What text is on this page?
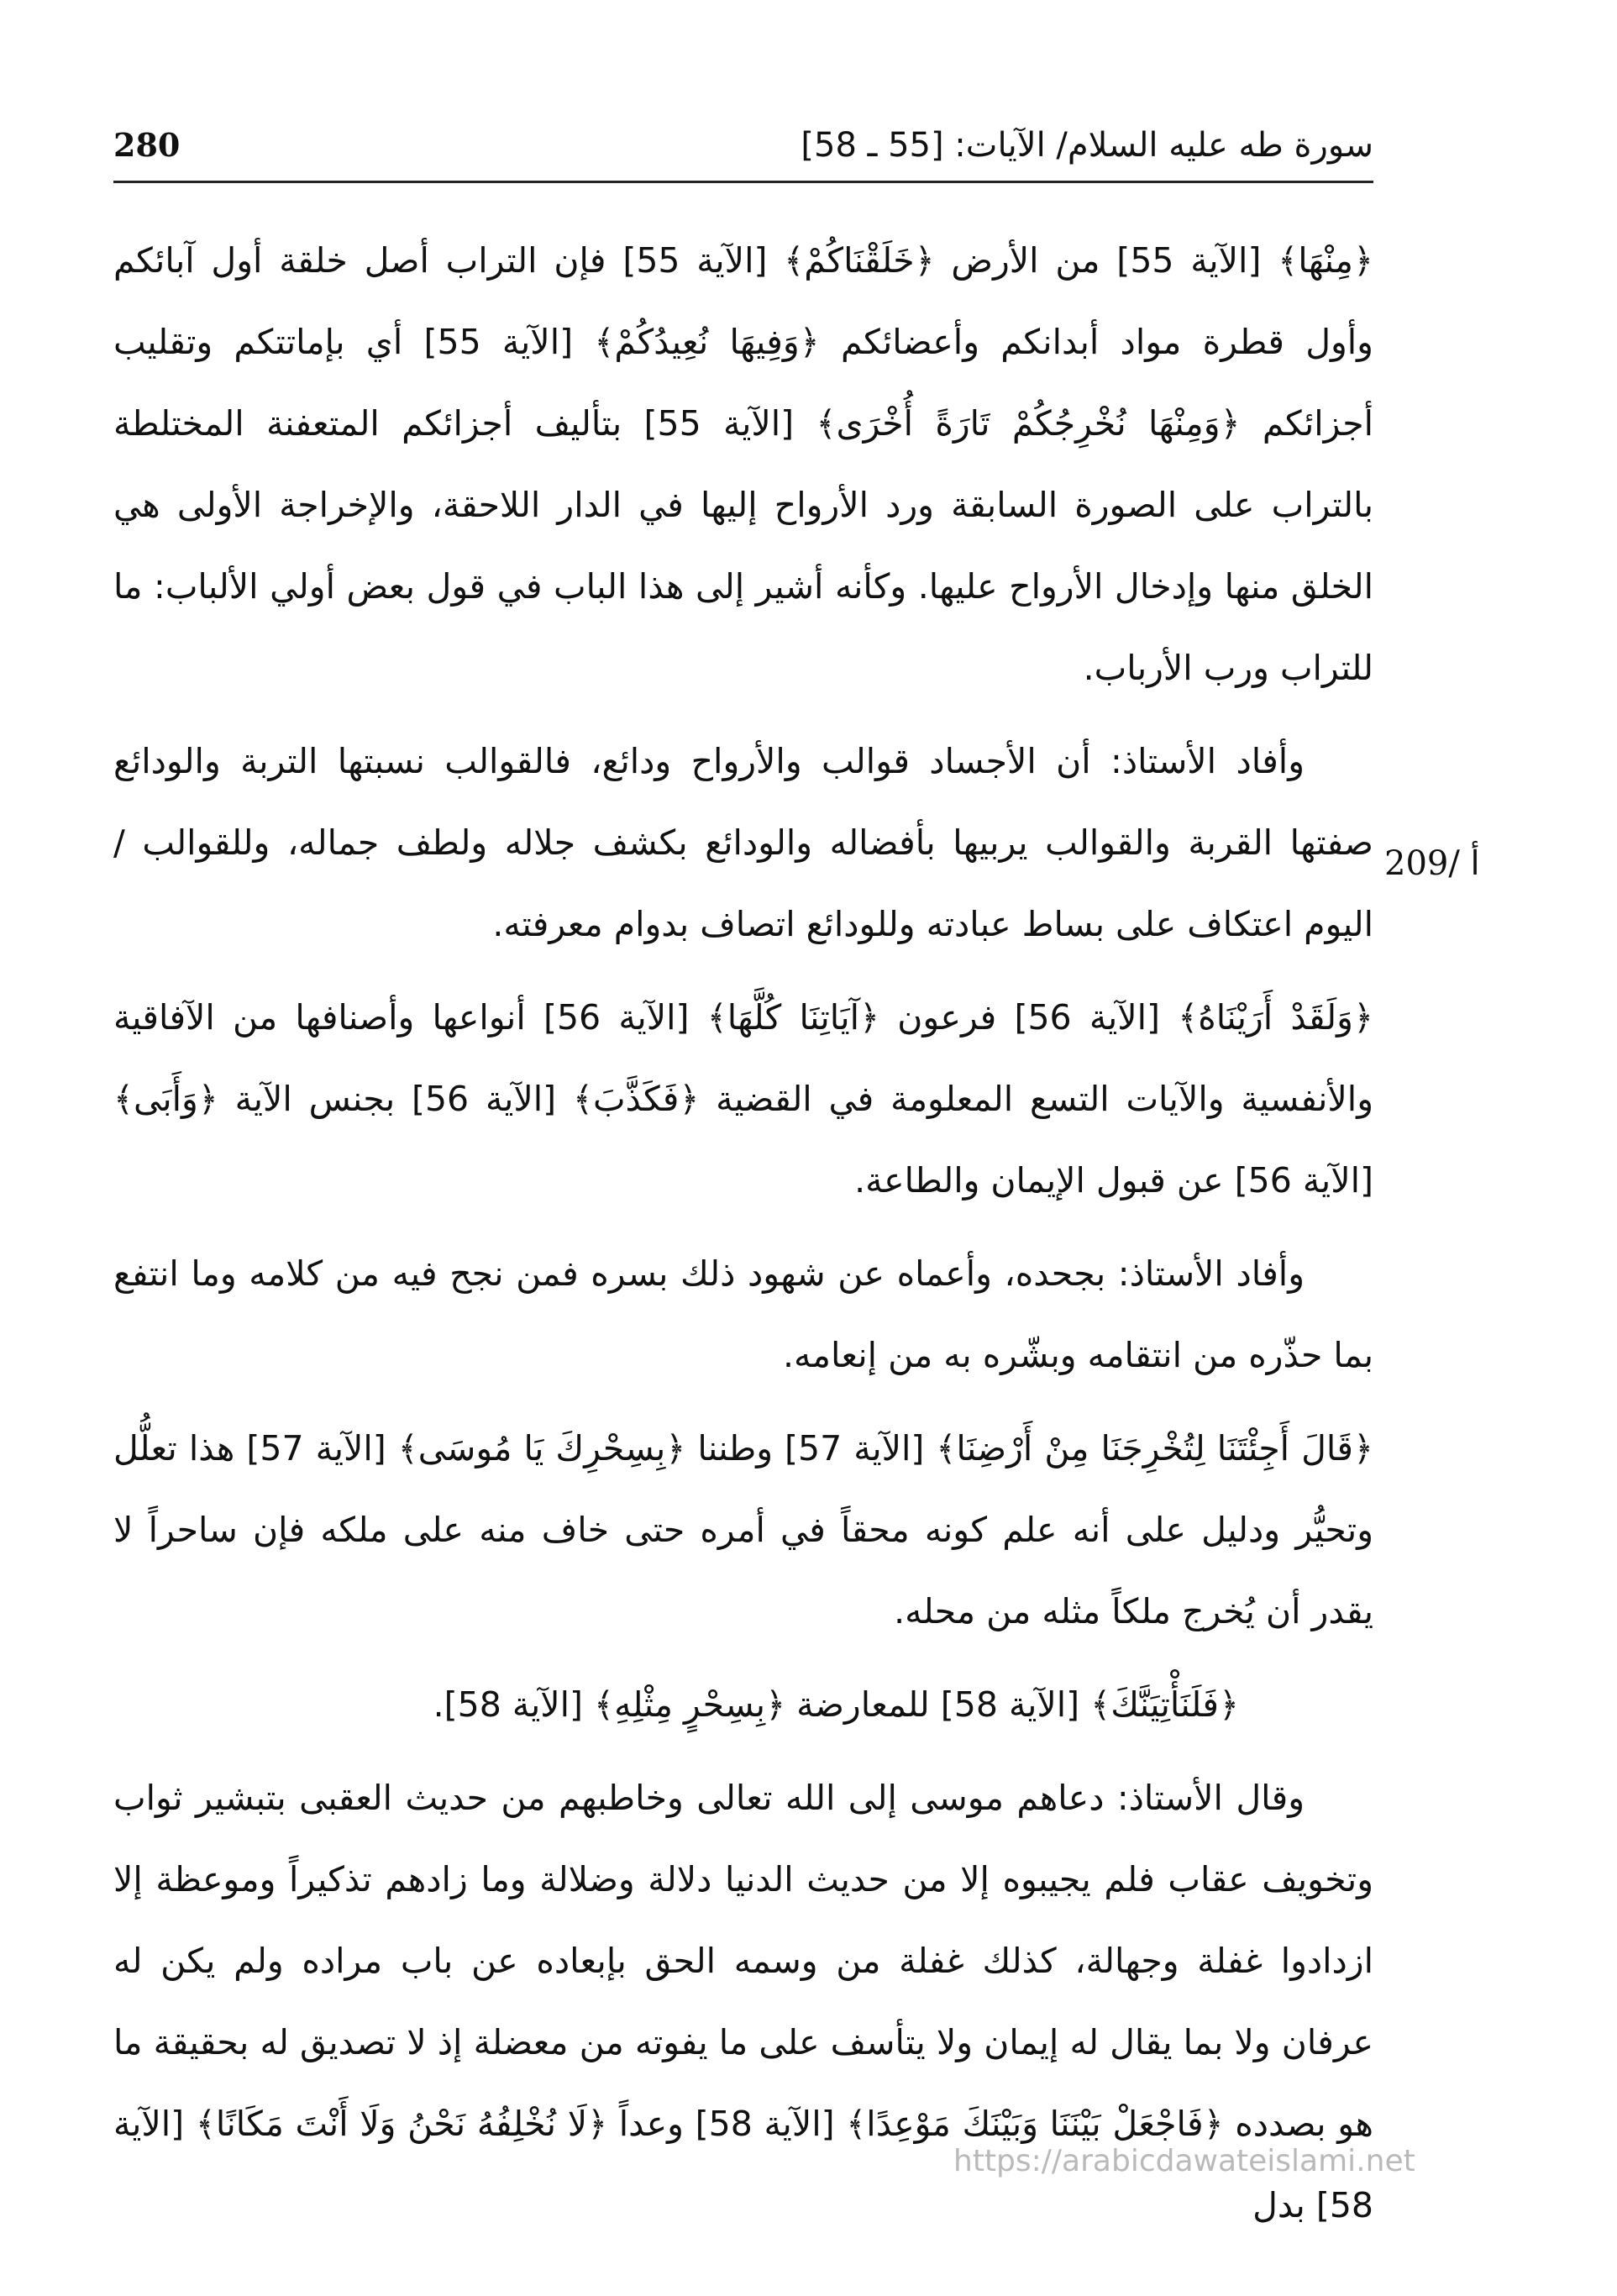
280	سورة طه عليه السلام/ الآيات: [55 ـ 58]

﴿مِنْهَا﴾ [الآية 55] من الأرض ﴿خَلَقْنَاكُمْ﴾ [الآية 55] فإن التراب أصل خلقة أول آبائكم وأول قطرة مواد أبدانكم وأعضائكم ﴿وَفِيهَا نُعِيدُكُمْ﴾ [الآية 55] أي بإماتتكم وتقليب أجزائكم ﴿وَمِنْهَا نُخْرِجُكُمْ تَارَةً أُخْرَى﴾ [الآية 55] بتأليف أجزائكم المتعفنة المختلطة بالتراب على الصورة السابقة ورد الأرواح إليها في الدار اللاحقة، والإخراجة الأولى هي الخلق منها وإدخال الأرواح عليها. وكأنه أشير إلى هذا الباب في قول بعض أولي الألباب: ما للتراب ورب الأرباب.

وأفاد الأستاذ: أن الأجساد قوالب والأرواح ودائع، فالقوالب نسبتها التربة والودائع صفتها القربة والقوالب يربيها بأفضاله والودائع بكشف جلاله ولطف جماله، وللقوالب / اليوم اعتكاف على بساط عبادته وللودائع اتصاف بدوام معرفته.

﴿وَلَقَدْ أَرَيْنَاهُ﴾ [الآية 56] فرعون ﴿آيَاتِنَا كُلَّهَا﴾ [الآية 56] أنواعها وأصنافها من الآفاقية والأنفسية والآيات التسع المعلومة في القضية ﴿فَكَذَّبَ﴾ [الآية 56] بجنس الآية ﴿وَأَبَى﴾ [الآية 56] عن قبول الإيمان والطاعة.

وأفاد الأستاذ: بجحده، وأعماه عن شهود ذلك بسره فمن نجح فيه من كلامه وما انتفع بما حذّره من انتقامه وبشّره به من إنعامه.

﴿قَالَ أَجِئْتَنَا لِتُخْرِجَنَا مِنْ أَرْضِنَا﴾ [الآية 57] وطننا ﴿بِسِحْرِكَ يَا مُوسَى﴾ [الآية 57] هذا تعلُّل وتحيُّر ودليل على أنه علم كونه محقاً في أمره حتى خاف منه على ملكه فإن ساحراً لا يقدر أن يُخرج ملكاً مثله من محله.

﴿فَلَنَأْتِيَنَّكَ﴾ [الآية 58] للمعارضة ﴿بِسِحْرٍ مِثْلِهِ﴾ [الآية 58].

وقال الأستاذ: دعاهم موسى إلى الله تعالى وخاطبهم من حديث العقبى بتبشير ثواب وتخويف عقاب فلم يجيبوه إلا من حديث الدنيا دلالة وضلالة وما زادهم تذكيراً وموعظة إلا ازدادوا غفلة وجهالة، كذلك غفلة من وسمه الحق بإبعاده عن باب مراده ولم يكن له عرفان ولا بما يقال له إيمان ولا يتأسف على ما يفوته من معضلة إذ لا تصديق له بحقيقة ما هو بصدده ﴿فَاجْعَلْ بَيْنَنَا وَبَيْنَكَ مَوْعِدًا﴾ [الآية 58] وعداً ﴿لَا نُخْلِفُهُ نَحْنُ وَلَا أَنْتَ مَكَانًا﴾ [الآية 58] بدل

209/ أ
https://arabicdawateislami.net
